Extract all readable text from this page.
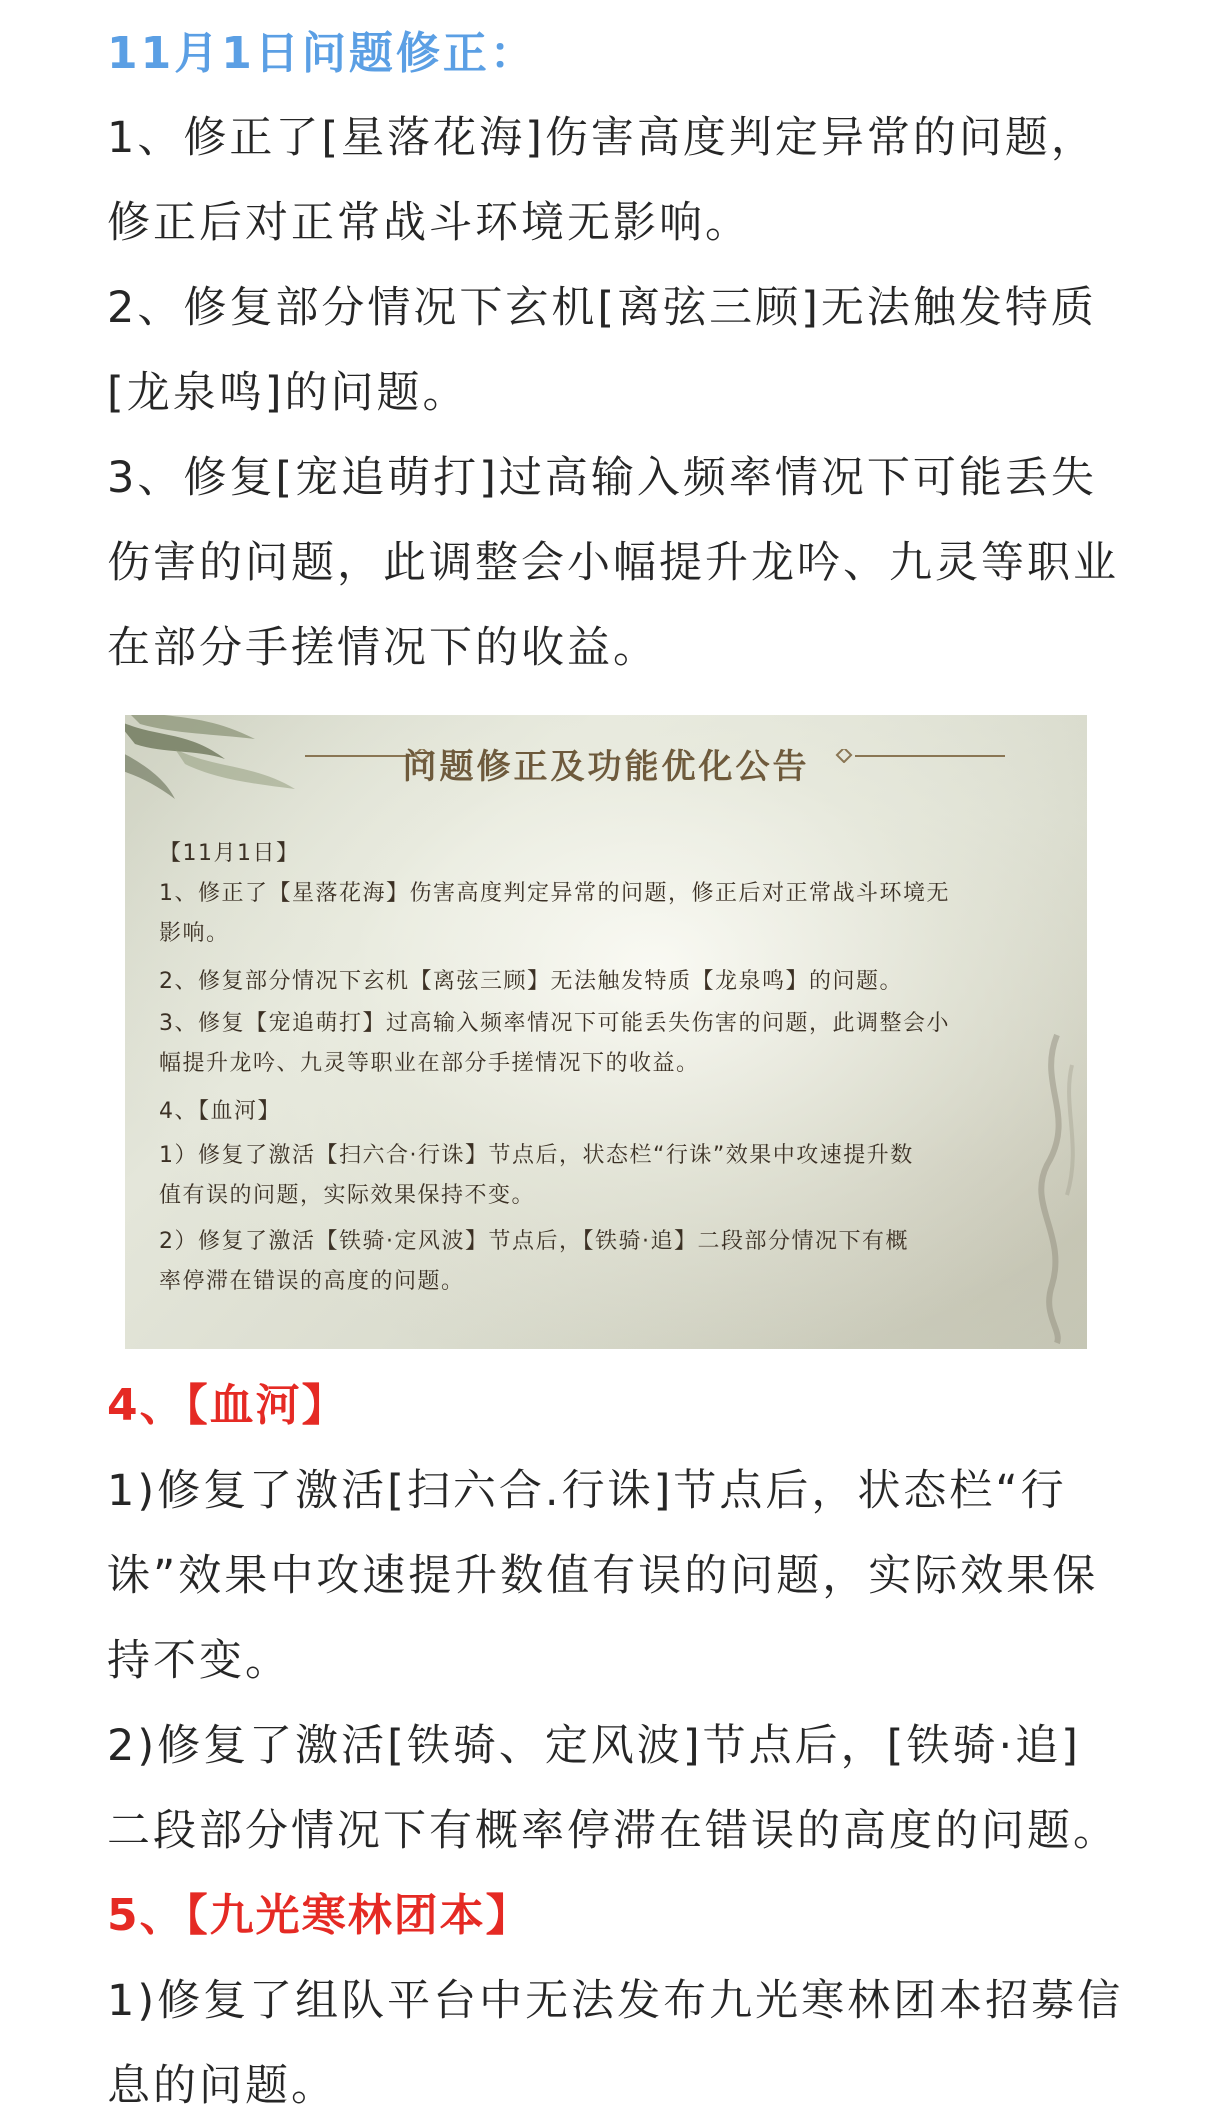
11月1日问题修正：
1、修正了[星落花海]伤害高度判定异常的问题，
修正后对正常战斗环境无影响。
2、修复部分情况下玄机[离弦三顾]无法触发特质
[龙泉鸣]的问题。
3、修复[宠追萌打]过高输入频率情况下可能丢失
伤害的问题，此调整会小幅提升龙吟、九灵等职业
在部分手搓情况下的收益。
问题修正及功能优化公告
【11月1日】
1、修正了【星落花海】伤害高度判定异常的问题，修正后对正常战斗环境无
影响。
2、修复部分情况下玄机【离弦三顾】无法触发特质【龙泉鸣】的问题。
3、修复【宠追萌打】过高输入频率情况下可能丢失伤害的问题，此调整会小
幅提升龙吟、九灵等职业在部分手搓情况下的收益。
4、【血河】
1）修复了激活【扫六合·行诛】节点后，状态栏“行诛”效果中攻速提升数
值有误的问题，实际效果保持不变。
2）修复了激活【铁骑·定风波】节点后，【铁骑·追】二段部分情况下有概
率停滞在错误的高度的问题。
4、【血河】
1)修复了激活[扫六合.行诛]节点后，状态栏“行
诛”效果中攻速提升数值有误的问题，实际效果保
持不变。
2)修复了激活[铁骑、定风波]节点后，[铁骑·追]
二段部分情况下有概率停滞在错误的高度的问题。
5、【九光寒林团本】
1)修复了组队平台中无法发布九光寒林团本招募信
息的问题。
